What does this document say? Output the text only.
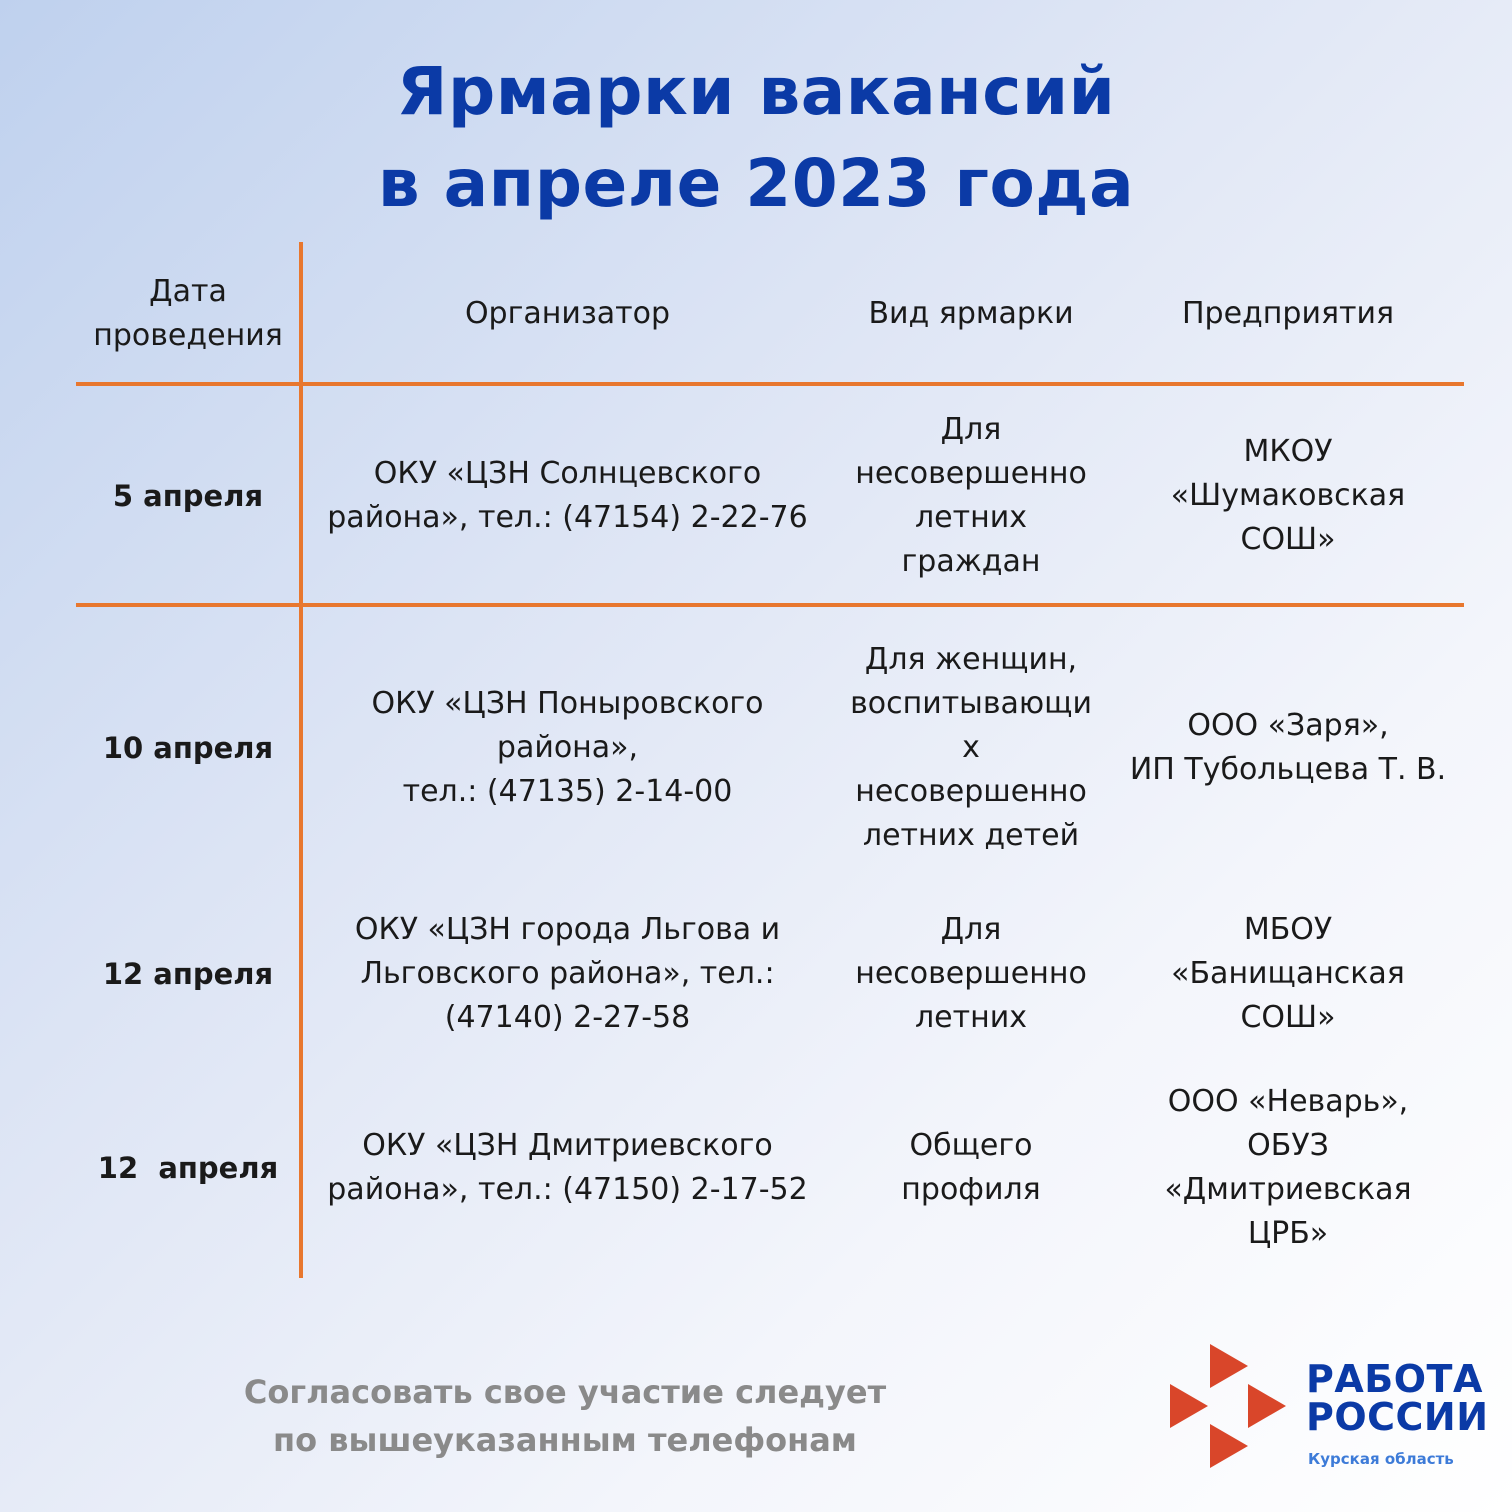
Ярмарки вакансий
в апреле 2023 года
Дата
проведения
Организатор	Вид ярмарки	Предприятия
5 апреля
ОКУ «ЦЗН Солнцевского
района», тел.: (47154) 2-22-76
Для
несовершенно
летних
граждан
МКОУ
«Шумаковская
СОШ»
10 апреля
ОКУ «ЦЗН Поныровского
района»,
тел.: (47135) 2-14-00
Для женщин,
воспитывающи
х
несовершенно
летних детей
ООО «Заря»,
ИП Тубольцева Т. В.
12 апреля
ОКУ «ЦЗН города Льгова и
Льговского района», тел.:
(47140) 2-27-58
Для
несовершенно
летних
МБОУ
«Банищанская
СОШ»
12  апреля
ОКУ «ЦЗН Дмитриевского
района», тел.: (47150) 2-17-52
Общего
профиля
ООО «Неварь»,
ОБУЗ
«Дмитриевская
ЦРБ»
Согласовать свое участие следует
по вышеуказанным телефонам
РАБОТА
РОССИИ
Курская область
